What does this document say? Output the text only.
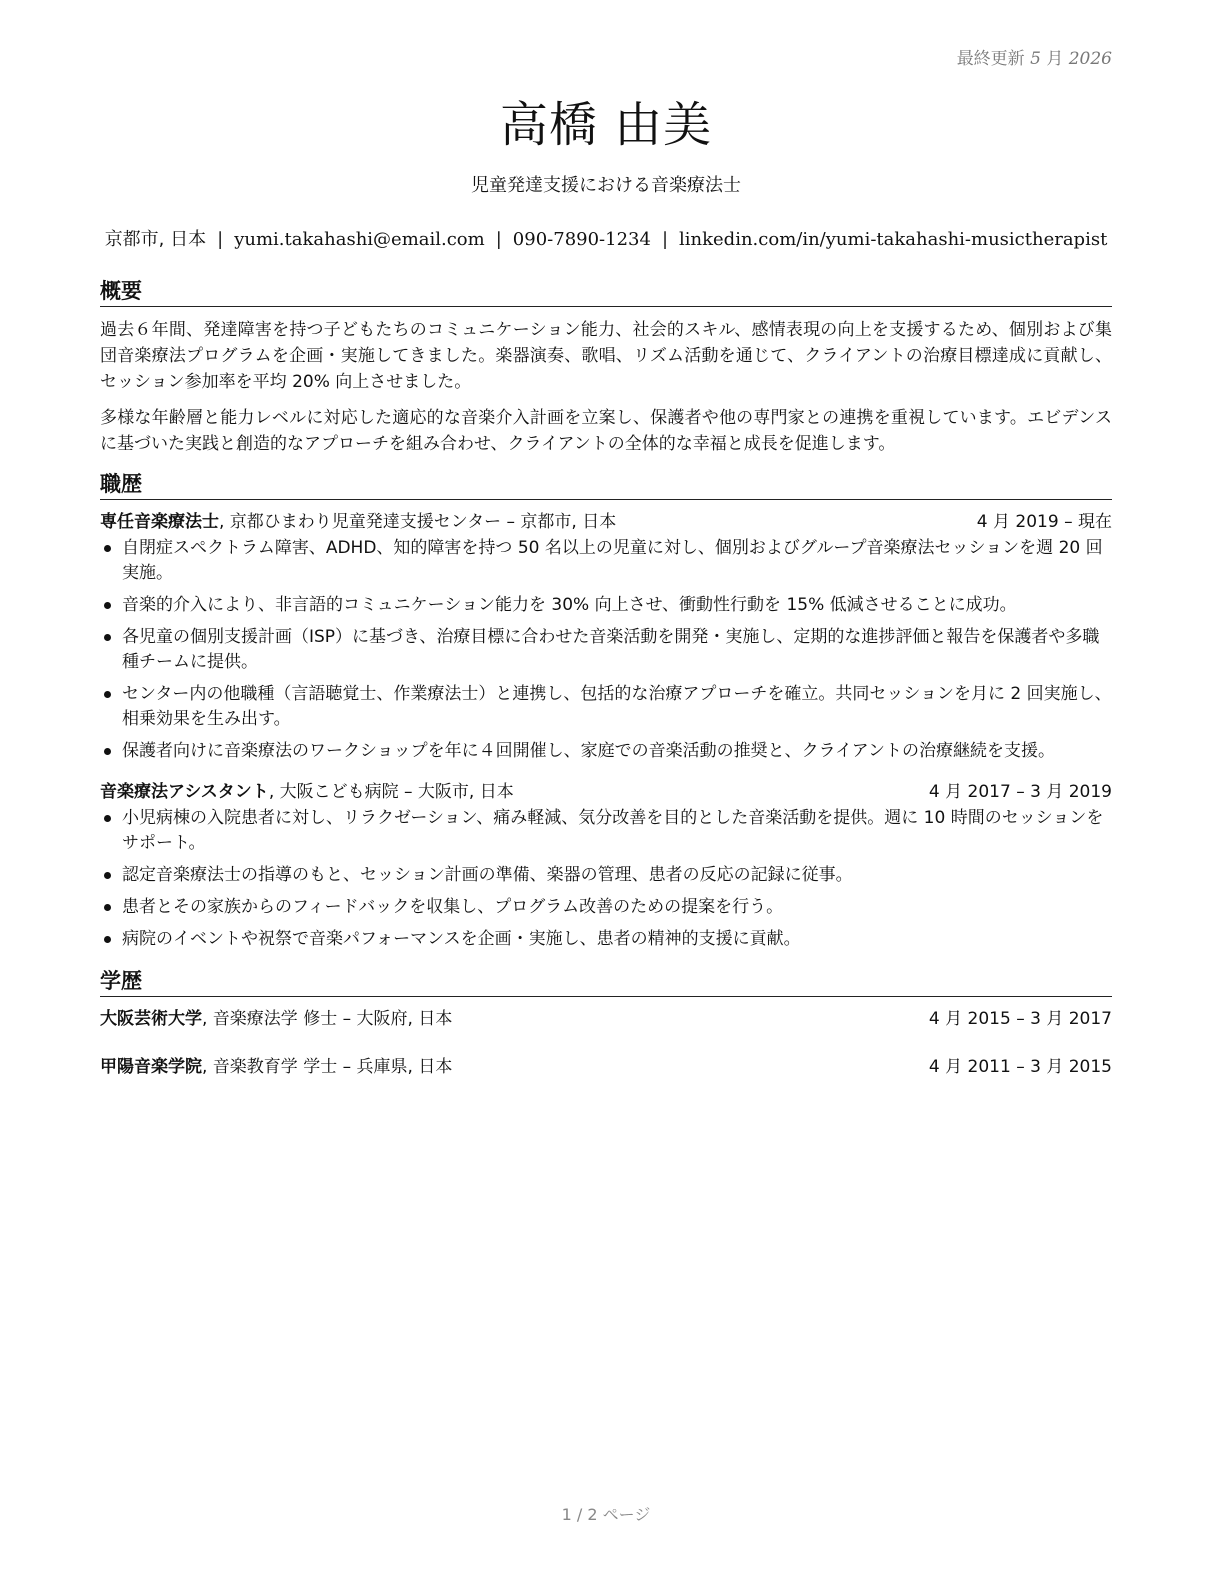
最終更新 5 月 2026
高橋 由美
児童発達支援における音楽療法士
京都市, 日本 | yumi.takahashi@email.com | 090-7890-1234 | linkedin.com/in/yumi-takahashi-musictherapist
概要

過去６年間、発達障害を持つ子どもたちのコミュニケーション能力、社会的スキル、感情表現の向上を支援するため、個別および集団音楽療法プログラムを企画・実施してきました。楽器演奏、歌唱、リズム活動を通じて、クライアントの治療目標達成に貢献し、セッション参加率を平均 20% 向上させました。

多様な年齢層と能力レベルに対応した適応的な音楽介入計画を立案し、保護者や他の専門家との連携を重視しています。エビデンスに基づいた実践と創造的なアプローチを組み合わせ、クライアントの全体的な幸福と成長を促進します。

職歴
専任音楽療法士, 京都ひまわり児童発達支援センター – 京都市, 日本	4 月 2019 – 現在
自閉症スペクトラム障害、ADHD、知的障害を持つ 50 名以上の児童に対し、個別およびグループ音楽療法セッションを週 20 回実施。
音楽的介入により、非言語的コミュニケーション能力を 30% 向上させ、衝動性行動を 15% 低減させることに成功。
各児童の個別支援計画（ISP）に基づき、治療目標に合わせた音楽活動を開発・実施し、定期的な進捗評価と報告を保護者や多職種チームに提供。
センター内の他職種（言語聴覚士、作業療法士）と連携し、包括的な治療アプローチを確立。共同セッションを月に 2 回実施し、相乗効果を生み出す。
保護者向けに音楽療法のワークショップを年に４回開催し、家庭での音楽活動の推奨と、クライアントの治療継続を支援。
音楽療法アシスタント, 大阪こども病院 – 大阪市, 日本	4 月 2017 – 3 月 2019
小児病棟の入院患者に対し、リラクゼーション、痛み軽減、気分改善を目的とした音楽活動を提供。週に 10 時間のセッションをサポート。
認定音楽療法士の指導のもと、セッション計画の準備、楽器の管理、患者の反応の記録に従事。
患者とその家族からのフィードバックを収集し、プログラム改善のための提案を行う。
病院のイベントや祝祭で音楽パフォーマンスを企画・実施し、患者の精神的支援に貢献。
学歴
大阪芸術大学, 音楽療法学 修士 – 大阪府, 日本	4 月 2015 – 3 月 2017
甲陽音楽学院, 音楽教育学 学士 – 兵庫県, 日本	4 月 2011 – 3 月 2015
1 / 2 ページ
